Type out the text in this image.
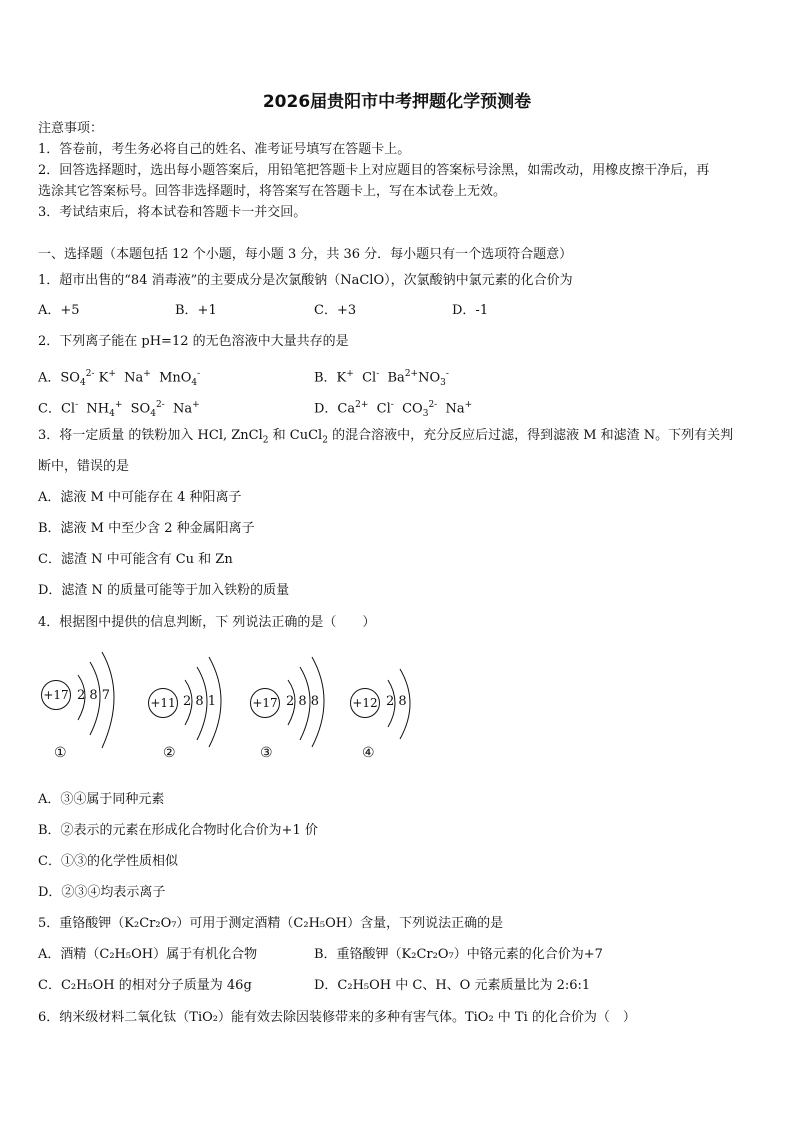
2026届贵阳市中考押题化学预测卷
注意事项：
1．答卷前，考生务必将自己的姓名、准考证号填写在答题卡上。
2．回答选择题时，选出每小题答案后，用铅笔把答题卡上对应题目的答案标号涂黑，如需改动，用橡皮擦干净后，再
选涂其它答案标号。回答非选择题时，将答案写在答题卡上，写在本试卷上无效。
3．考试结束后，将本试卷和答题卡一并交回。
一、选择题（本题包括 12 个小题，每小题 3 分，共 36 分．每小题只有一个选项符合题意）
1．超市出售的“84 消毒液”的主要成分是次氯酸钠（NaClO），次氯酸钠中氯元素的化合价为
A．+5	B．+1	C．+3	D．-1
2．下列离子能在 pH=12 的无色溶液中大量共存的是
A．$SO_4^{2-}$ K+  Na+  MnO$_4$-	B．K+  Cl-  $Ba^{2+}NO_3^-$
C．Cl-  $NH_4^+$  $SO_4^{2-}$  Na+	D．$Ca^{2+}$  Cl-  $CO_3^{2-}$  Na+
3．将一定质量 的铁粉加入 HCl, ZnCl$_2$ 和 CuCl$_2$ 的混合溶液中，充分反应后过滤，得到滤液 M 和滤渣 N。下列有关判
断中，错误的是
A．滤液 M 中可能存在 4 种阳离子
B．滤液 M 中至少含 2 种金属阳离子
C．滤渣 N 中可能含有 Cu 和 Zn
D．滤渣 N 的质量可能等于加入铁粉的质量
4．根据图中提供的信息判断，下 列说法正确的是（　　）
+17 2 8 7
①
+11 2 8 1
②
+17 2 8 8
③
+12 2 8
④
A．③④属于同种元素
B．②表示的元素在形成化合物时化合价为+1 价
C．①③的化学性质相似
D．②③④均表示离子
5．重铬酸钾（K₂Cr₂O₇）可用于测定酒精（C₂H₅OH）含量，下列说法正确的是
A．酒精（C₂H₅OH）属于有机化合物	B．重铬酸钾（K₂Cr₂O₇）中铬元素的化合价为+7
C．C₂H₅OH 的相对分子质量为 46g	D．C₂H₅OH 中 C、H、O 元素质量比为 2:6:1
6．纳米级材料二氧化钛（TiO₂）能有效去除因装修带来的多种有害气体。TiO₂ 中 Ti 的化合价为（　）
